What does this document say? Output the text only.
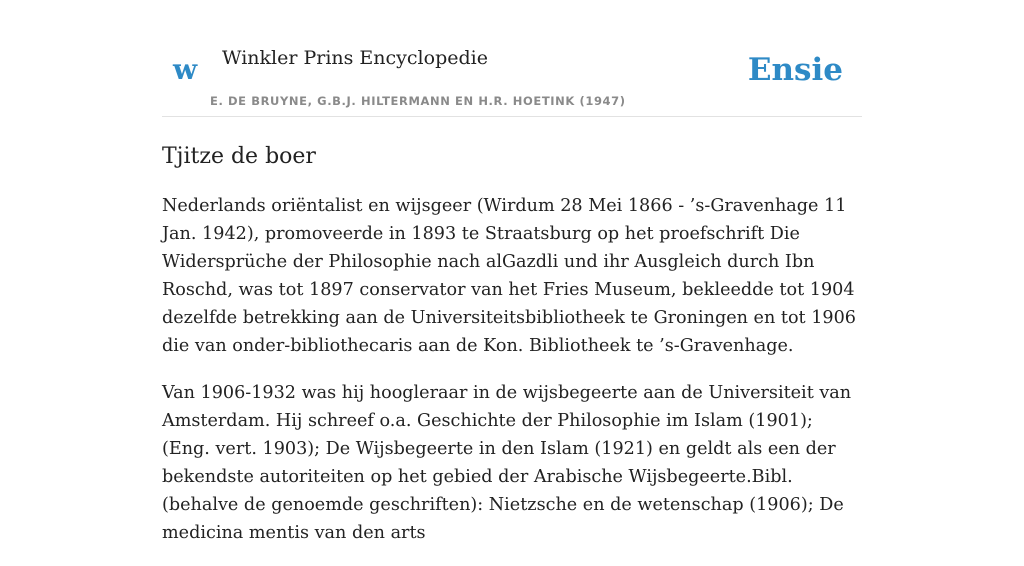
w Winkler Prins Encyclopedie
E. DE BRUYNE, G.B.J. HILTERMANN EN H.R. HOETINK (1947)
Ensie
Tjitze de boer

Nederlands oriëntalist en wijsgeer (Wirdum 28 Mei 1866 - ’s-Gravenhage 11 Jan. 1942), promoveerde in 1893 te Straatsburg op het proefschrift Die Widersprüche der Philosophie nach alGazdli und ihr Ausgleich durch Ibn Roschd, was tot 1897 conservator van het Fries Museum, bekleedde tot 1904 dezelfde betrekking aan de Universiteitsbibliotheek te Groningen en tot 1906 die van onder-bibliothecaris aan de Kon. Bibliotheek te ’s-Gravenhage.

Van 1906-1932 was hij hoogleraar in de wijsbegeerte aan de Universiteit van Amsterdam. Hij schreef o.a. Geschichte der Philosophie im Islam (1901); (Eng. vert. 1903); De Wijsbegeerte in den Islam (1921) en geldt als een der bekendste autoriteiten op het gebied der Arabische Wijsbegeerte.Bibl. (behalve de genoemde geschriften): Nietzsche en de wetenschap (1906); De medicina mentis van den arts
